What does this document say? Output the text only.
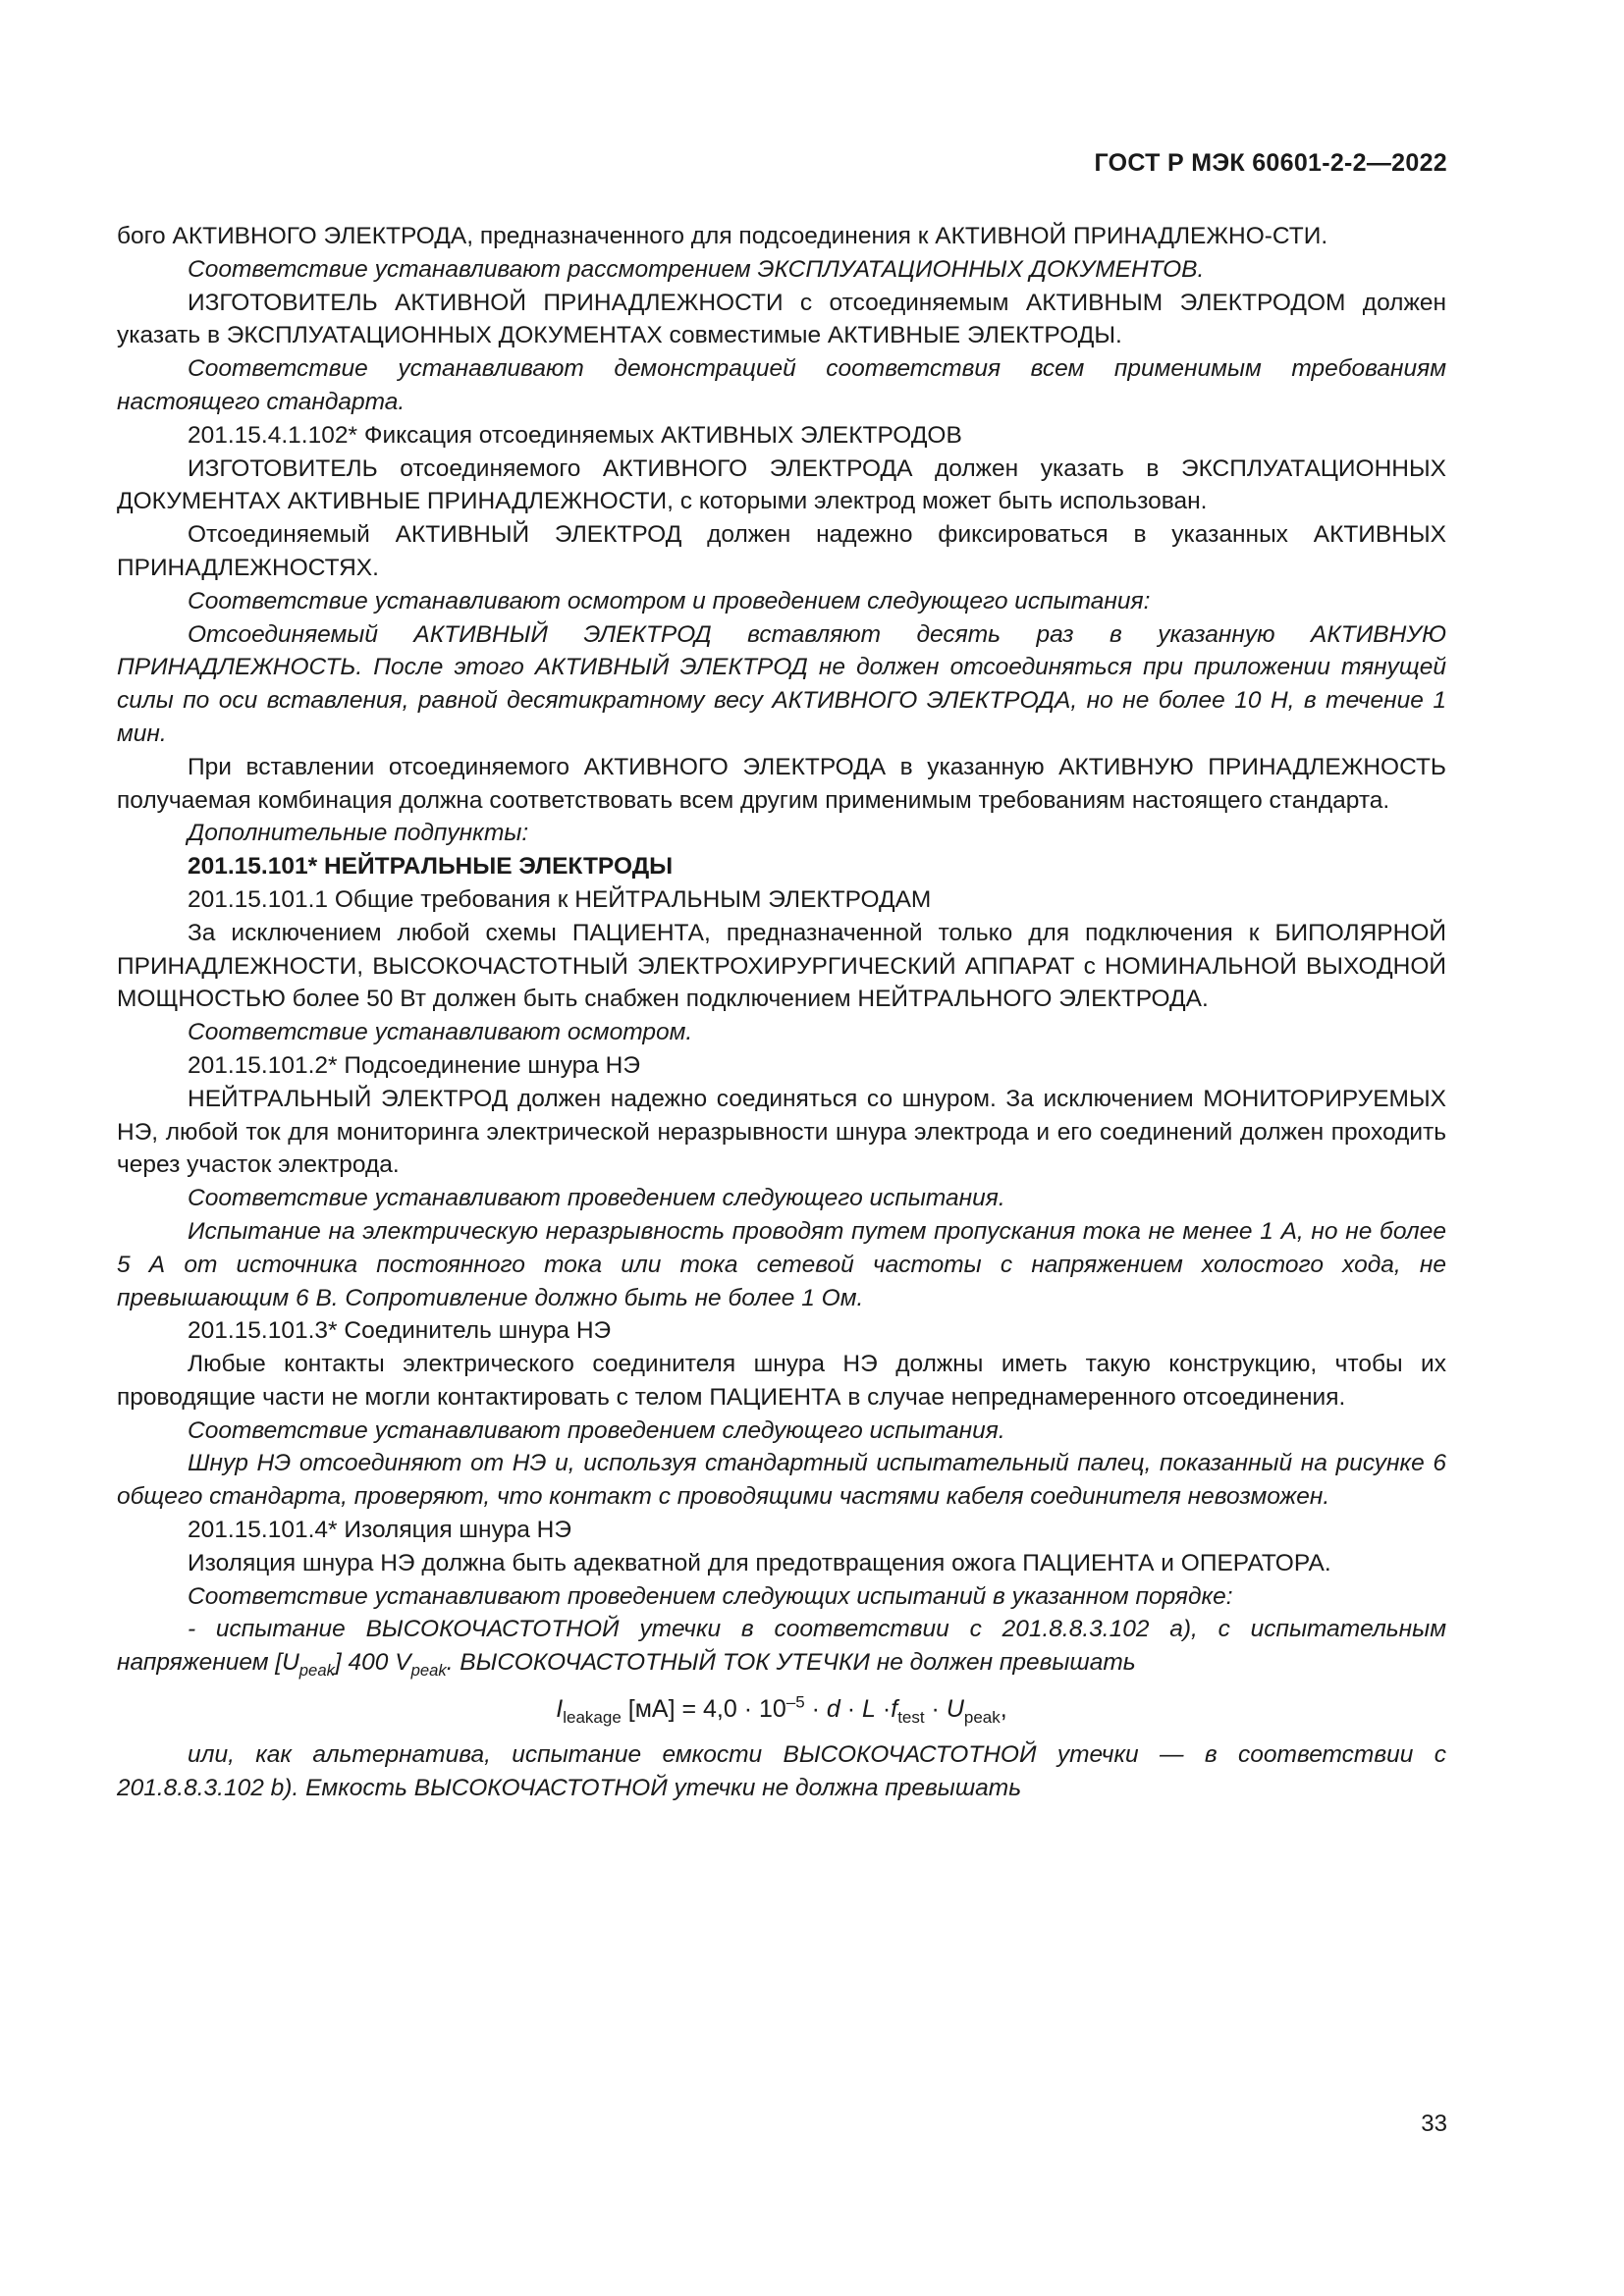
ГОСТ Р МЭК 60601-2-2—2022

бого АКТИВНОГО ЭЛЕКТРОДА, предназначенного для подсоединения к АКТИВНОЙ ПРИНАДЛЕЖНО-СТИ.

Соответствие устанавливают рассмотрением ЭКСПЛУАТАЦИОННЫХ ДОКУМЕНТОВ.

ИЗГОТОВИТЕЛЬ АКТИВНОЙ ПРИНАДЛЕЖНОСТИ с отсоединяемым АКТИВНЫМ ЭЛЕКТРОДОМ должен указать в ЭКСПЛУАТАЦИОННЫХ ДОКУМЕНТАХ совместимые АКТИВНЫЕ ЭЛЕКТРОДЫ.

Соответствие устанавливают демонстрацией соответствия всем применимым требованиям настоящего стандарта.

201.15.4.1.102* Фиксация отсоединяемых АКТИВНЫХ ЭЛЕКТРОДОВ

ИЗГОТОВИТЕЛЬ отсоединяемого АКТИВНОГО ЭЛЕКТРОДА должен указать в ЭКСПЛУАТАЦИОННЫХ ДОКУМЕНТАХ АКТИВНЫЕ ПРИНАДЛЕЖНОСТИ, с которыми электрод может быть использован.

Отсоединяемый АКТИВНЫЙ ЭЛЕКТРОД должен надежно фиксироваться в указанных АКТИВНЫХ ПРИНАДЛЕЖНОСТЯХ.

Соответствие устанавливают осмотром и проведением следующего испытания:

Отсоединяемый АКТИВНЫЙ ЭЛЕКТРОД вставляют десять раз в указанную АКТИВНУЮ ПРИНАДЛЕЖНОСТЬ. После этого АКТИВНЫЙ ЭЛЕКТРОД не должен отсоединяться при приложении тянущей силы по оси вставления, равной десятикратному весу АКТИВНОГО ЭЛЕКТРОДА, но не более 10 Н, в течение 1 мин.

При вставлении отсоединяемого АКТИВНОГО ЭЛЕКТРОДА в указанную АКТИВНУЮ ПРИНАДЛЕЖНОСТЬ получаемая комбинация должна соответствовать всем другим применимым требованиям настоящего стандарта.

Дополнительные подпункты:

201.15.101* НЕЙТРАЛЬНЫЕ ЭЛЕКТРОДЫ

201.15.101.1 Общие требования к НЕЙТРАЛЬНЫМ ЭЛЕКТРОДАМ

За исключением любой схемы ПАЦИЕНТА, предназначенной только для подключения к БИПОЛЯРНОЙ ПРИНАДЛЕЖНОСТИ, ВЫСОКОЧАСТОТНЫЙ ЭЛЕКТРОХИРУРГИЧЕСКИЙ АППАРАТ с НОМИНАЛЬНОЙ ВЫХОДНОЙ МОЩНОСТЬЮ более 50 Вт должен быть снабжен подключением НЕЙТРАЛЬНОГО ЭЛЕКТРОДА.

Соответствие устанавливают осмотром.

201.15.101.2* Подсоединение шнура НЭ

НЕЙТРАЛЬНЫЙ ЭЛЕКТРОД должен надежно соединяться со шнуром. За исключением МОНИТОРИРУЕМЫХ НЭ, любой ток для мониторинга электрической неразрывности шнура электрода и его соединений должен проходить через участок электрода.

Соответствие устанавливают проведением следующего испытания.

Испытание на электрическую неразрывность проводят путем пропускания тока не менее 1 А, но не более 5 А от источника постоянного тока или тока сетевой частоты с напряжением холостого хода, не превышающим 6 В. Сопротивление должно быть не более 1 Ом.

201.15.101.3* Соединитель шнура НЭ

Любые контакты электрического соединителя шнура НЭ должны иметь такую конструкцию, чтобы их проводящие части не могли контактировать с телом ПАЦИЕНТА в случае непреднамеренного отсоединения.

Соответствие устанавливают проведением следующего испытания.

Шнур НЭ отсоединяют от НЭ и, используя стандартный испытательный палец, показанный на рисунке 6 общего стандарта, проверяют, что контакт с проводящими частями кабеля соединителя невозможен.

201.15.101.4* Изоляция шнура НЭ

Изоляция шнура НЭ должна быть адекватной для предотвращения ожога ПАЦИЕНТА и ОПЕРАТОРА.

Соответствие устанавливают проведением следующих испытаний в указанном порядке:

- испытание ВЫСОКОЧАСТОТНОЙ утечки в соответствии с 201.8.8.3.102 a), с испытательным напряжением $[U_{peak}]$ 400 $V_{peak}$. ВЫСОКОЧАСТОТНЫЙ ТОК УТЕЧКИ не должен превышать

$I_{leakage}$ $[мА] = 4,0 \cdot 10^{-5} \cdot d \cdot L \cdot f_{test} \cdot U_{peak}$,

или, как альтернатива, испытание емкости ВЫСОКОЧАСТОТНОЙ утечки — в соответствии с 201.8.8.3.102 b). Емкость ВЫСОКОЧАСТОТНОЙ утечки не должна превышать

33
